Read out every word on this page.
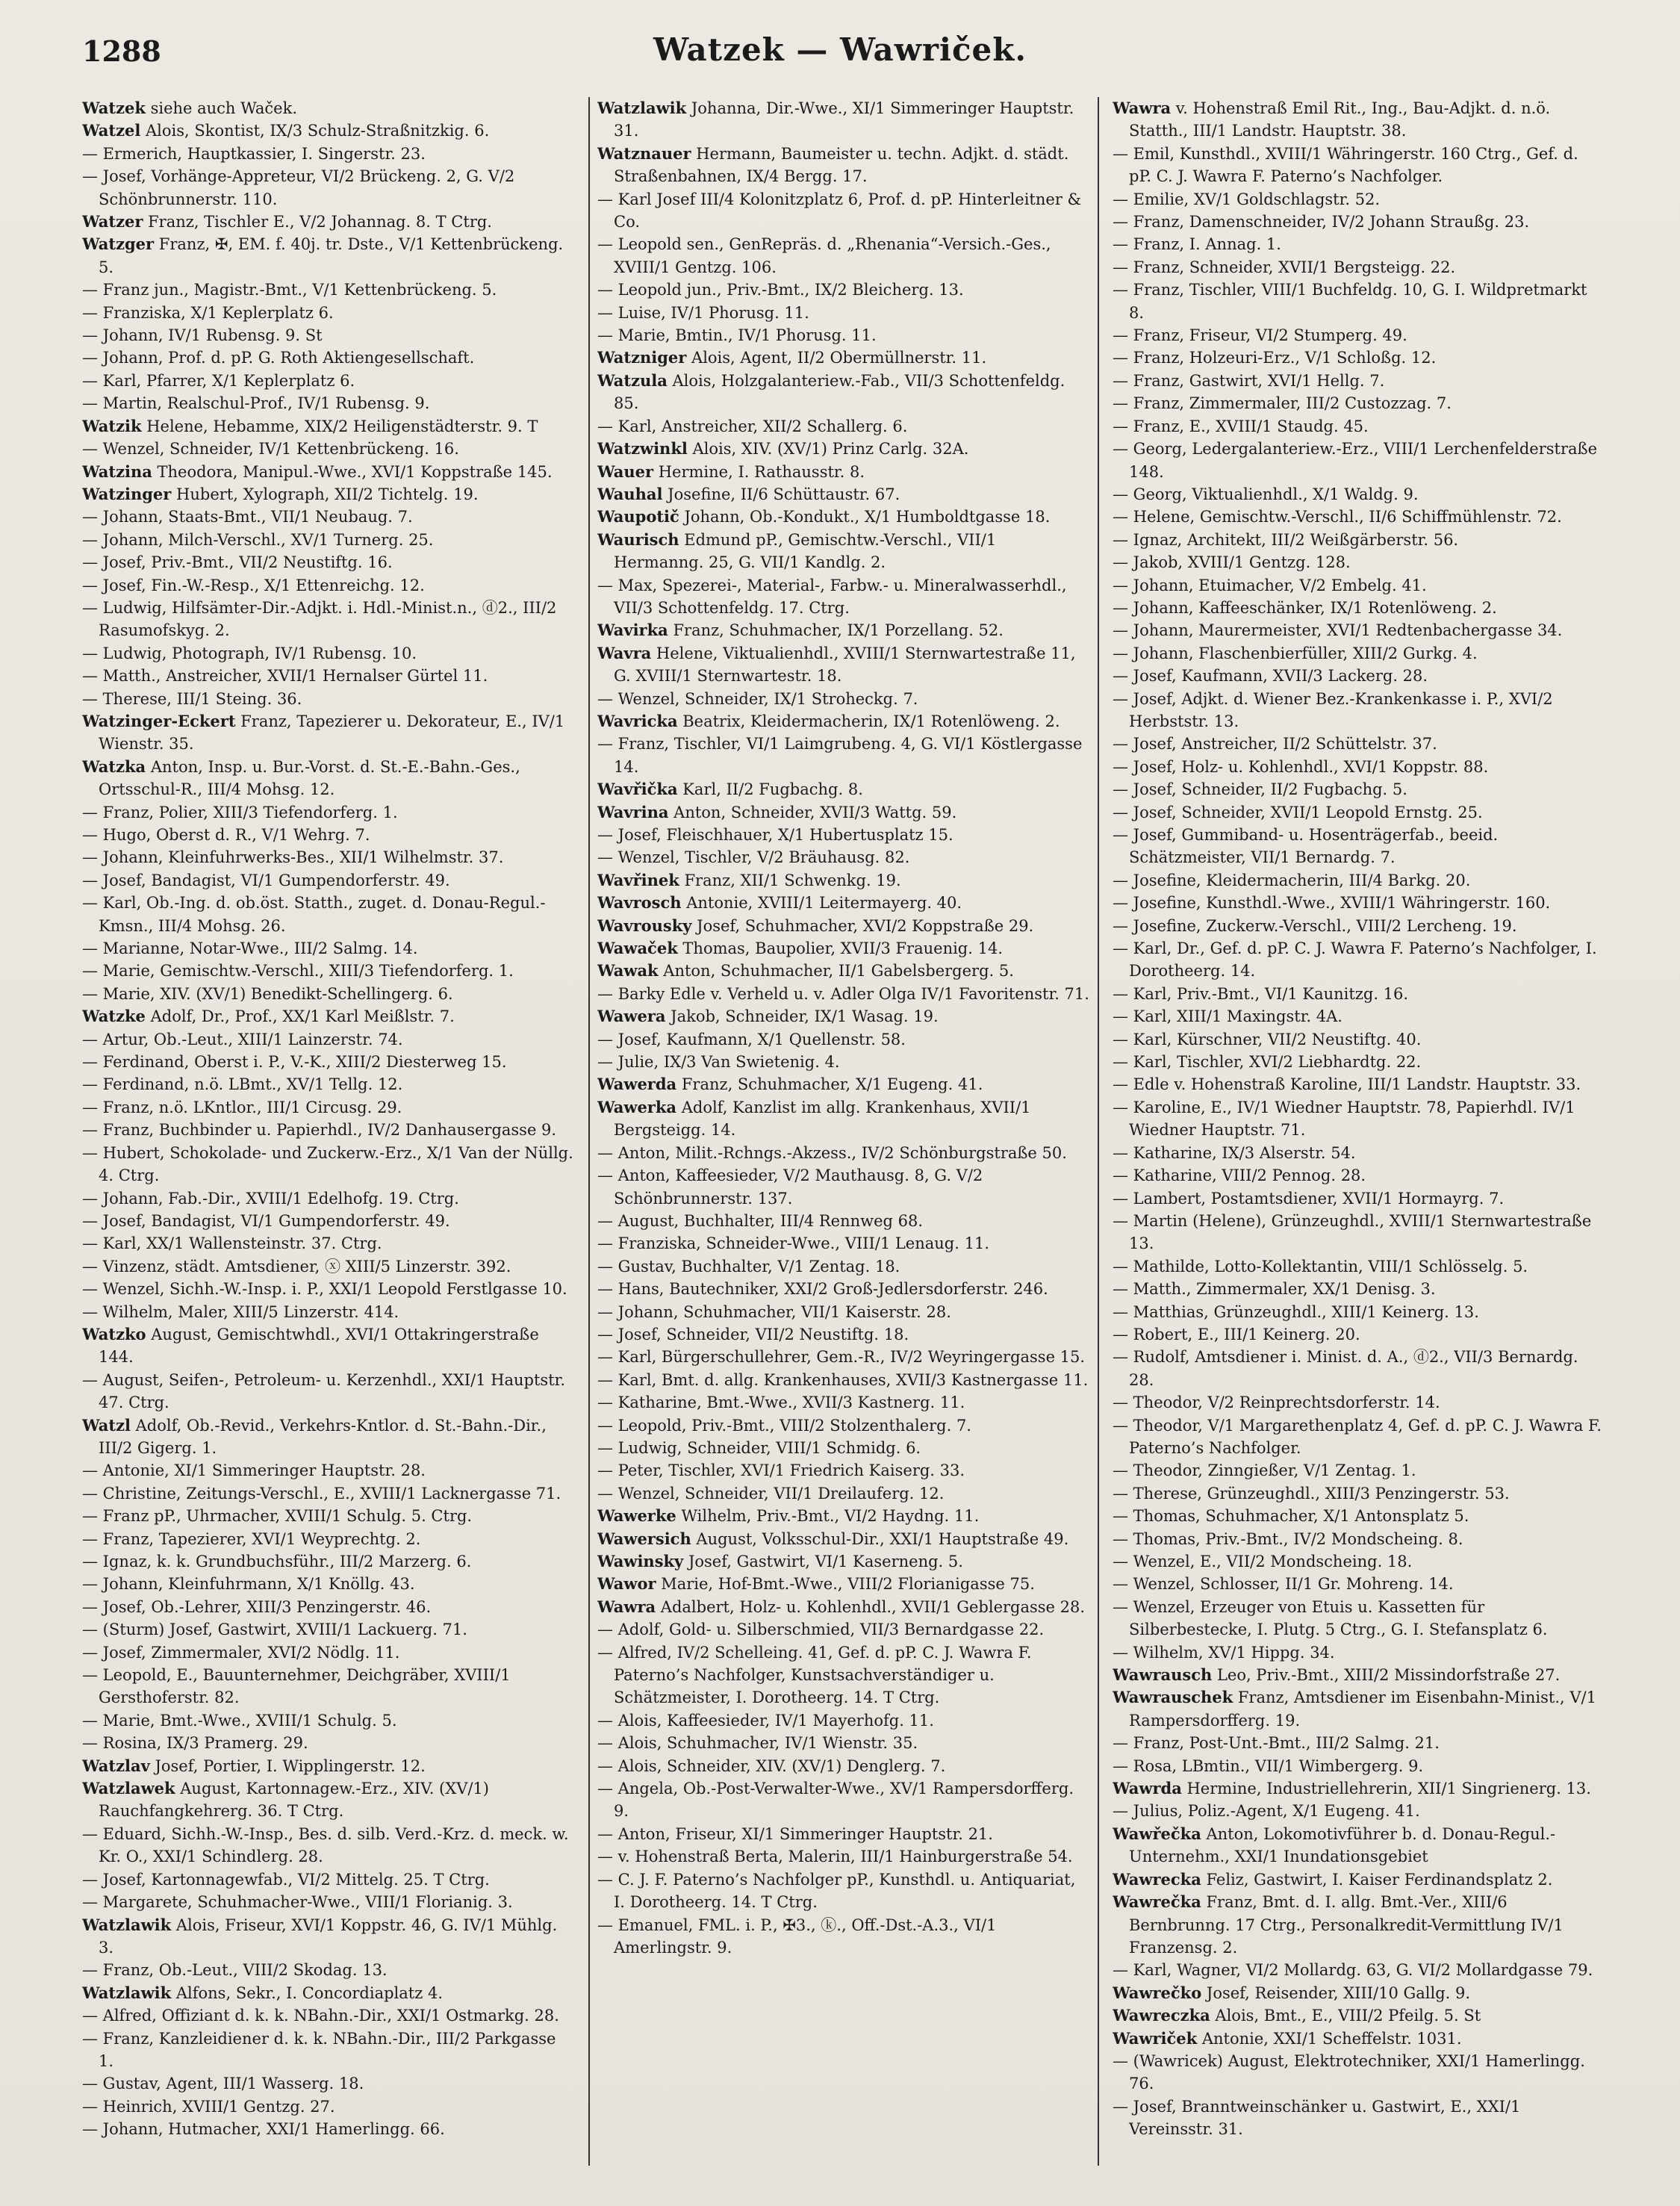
1288	Watzek — Wawriček.

Watzek siehe auch Waček.

Watzel Alois, Skontist, IX/3 Schulz-Straßnitzkig. 6.

— Ermerich, Hauptkassier, I. Singerstr. 23.

— Josef, Vorhänge-Appreteur, VI/2 Brückeng. 2, G. V/2 Schönbrunnerstr. 110.

Watzer Franz, Tischler E., V/2 Johannag. 8. T Ctrg.

Watzger Franz, ✠, EM. f. 40j. tr. Dste., V/1 Kettenbrückeng. 5.

— Franz jun., Magistr.-Bmt., V/1 Kettenbrückeng. 5.

— Franziska, X/1 Keplerplatz 6.

— Johann, IV/1 Rubensg. 9. St

— Johann, Prof. d. pP. G. Roth Aktiengesellschaft.

— Karl, Pfarrer, X/1 Keplerplatz 6.

— Martin, Realschul-Prof., IV/1 Rubensg. 9.

Watzik Helene, Hebamme, XIX/2 Heiligenstädterstr. 9. T

— Wenzel, Schneider, IV/1 Kettenbrückeng. 16.

Watzina Theodora, Manipul.-Wwe., XVI/1 Koppstraße 145.

Watzinger Hubert, Xylograph, XII/2 Tichtelg. 19.

— Johann, Staats-Bmt., VII/1 Neubaug. 7.

— Johann, Milch-Verschl., XV/1 Turnerg. 25.

— Josef, Priv.-Bmt., VII/2 Neustiftg. 16.

— Josef, Fin.-W.-Resp., X/1 Ettenreichg. 12.

— Ludwig, Hilfsämter-Dir.-Adjkt. i. Hdl.-Minist.n., ⓓ2., III/2 Rasumofskyg. 2.

— Ludwig, Photograph, IV/1 Rubensg. 10.

— Matth., Anstreicher, XVII/1 Hernalser Gürtel 11.

— Therese, III/1 Steing. 36.

Watzinger-Eckert Franz, Tapezierer u. Dekorateur, E., IV/1 Wienstr. 35.

Watzka Anton, Insp. u. Bur.-Vorst. d. St.-E.-Bahn.-Ges., Ortsschul-R., III/4 Mohsg. 12.

— Franz, Polier, XIII/3 Tiefendorferg. 1.

— Hugo, Oberst d. R., V/1 Wehrg. 7.

— Johann, Kleinfuhrwerks-Bes., XII/1 Wilhelmstr. 37.

— Josef, Bandagist, VI/1 Gumpendorferstr. 49.

— Karl, Ob.-Ing. d. ob.öst. Statth., zuget. d. Donau-Regul.-Kmsn., III/4 Mohsg. 26.

— Marianne, Notar-Wwe., III/2 Salmg. 14.

— Marie, Gemischtw.-Verschl., XIII/3 Tiefendorferg. 1.

— Marie, XIV. (XV/1) Benedikt-Schellingerg. 6.

Watzke Adolf, Dr., Prof., XX/1 Karl Meißlstr. 7.

— Artur, Ob.-Leut., XIII/1 Lainzerstr. 74.

— Ferdinand, Oberst i. P., V.-K., XIII/2 Diesterweg 15.

— Ferdinand, n.ö. LBmt., XV/1 Tellg. 12.

— Franz, n.ö. LKntlor., III/1 Circusg. 29.

— Franz, Buchbinder u. Papierhdl., IV/2 Danhausergasse 9.

— Hubert, Schokolade- und Zuckerw.-Erz., X/1 Van der Nüllg. 4. Ctrg.

— Johann, Fab.-Dir., XVIII/1 Edelhofg. 19. Ctrg.

— Josef, Bandagist, VI/1 Gumpendorferstr. 49.

— Karl, XX/1 Wallensteinstr. 37. Ctrg.

— Vinzenz, städt. Amtsdiener, ⓧ XIII/5 Linzerstr. 392.

— Wenzel, Sichh.-W.-Insp. i. P., XXI/1 Leopold Ferstlgasse 10.

— Wilhelm, Maler, XIII/5 Linzerstr. 414.

Watzko August, Gemischtwhdl., XVI/1 Ottakringerstraße 144.

— August, Seifen-, Petroleum- u. Kerzenhdl., XXI/1 Hauptstr. 47. Ctrg.

Watzl Adolf, Ob.-Revid., Verkehrs-Kntlor. d. St.-Bahn.-Dir., III/2 Gigerg. 1.

— Antonie, XI/1 Simmeringer Hauptstr. 28.

— Christine, Zeitungs-Verschl., E., XVIII/1 Lacknergasse 71.

— Franz pP., Uhrmacher, XVIII/1 Schulg. 5. Ctrg.

— Franz, Tapezierer, XVI/1 Weyprechtg. 2.

— Ignaz, k. k. Grundbuchsführ., III/2 Marzerg. 6.

— Johann, Kleinfuhrmann, X/1 Knöllg. 43.

— Josef, Ob.-Lehrer, XIII/3 Penzingerstr. 46.

— (Sturm) Josef, Gastwirt, XVIII/1 Lackuerg. 71.

— Josef, Zimmermaler, XVI/2 Nödlg. 11.

— Leopold, E., Bauunternehmer, Deichgräber, XVIII/1 Gersthoferstr. 82.

— Marie, Bmt.-Wwe., XVIII/1 Schulg. 5.

— Rosina, IX/3 Pramerg. 29.

Watzlav Josef, Portier, I. Wipplingerstr. 12.

Watzlawek August, Kartonnagew.-Erz., XIV. (XV/1) Rauchfangkehrerg. 36. T Ctrg.

— Eduard, Sichh.-W.-Insp., Bes. d. silb. Verd.-Krz. d. meck. w. Kr. O., XXI/1 Schindlerg. 28.

— Josef, Kartonnagewfab., VI/2 Mittelg. 25. T Ctrg.

— Margarete, Schuhmacher-Wwe., VIII/1 Florianig. 3.

Watzlawik Alois, Friseur, XVI/1 Koppstr. 46, G. IV/1 Mühlg. 3.

— Franz, Ob.-Leut., VIII/2 Skodag. 13.

Watzlawik Alfons, Sekr., I. Concordiaplatz 4.

— Alfred, Offiziant d. k. k. NBahn.-Dir., XXI/1 Ostmarkg. 28.

— Franz, Kanzleidiener d. k. k. NBahn.-Dir., III/2 Parkgasse 1.

— Gustav, Agent, III/1 Wasserg. 18.

— Heinrich, XVIII/1 Gentzg. 27.

— Johann, Hutmacher, XXI/1 Hamerlingg. 66.

Watzlawik Johanna, Dir.-Wwe., XI/1 Simmeringer Hauptstr. 31.

Watznauer Hermann, Baumeister u. techn. Adjkt. d. städt. Straßenbahnen, IX/4 Bergg. 17.

— Karl Josef III/4 Kolonitzplatz 6, Prof. d. pP. Hinterleitner & Co.

— Leopold sen., GenRepräs. d. „Rhenania“-Versich.-Ges., XVIII/1 Gentzg. 106.

— Leopold jun., Priv.-Bmt., IX/2 Bleicherg. 13.

— Luise, IV/1 Phorusg. 11.

— Marie, Bmtin., IV/1 Phorusg. 11.

Watzniger Alois, Agent, II/2 Obermüllnerstr. 11.

Watzula Alois, Holzgalanteriew.-Fab., VII/3 Schottenfeldg. 85.

— Karl, Anstreicher, XII/2 Schallerg. 6.

Watzwinkl Alois, XIV. (XV/1) Prinz Carlg. 32A.

Wauer Hermine, I. Rathausstr. 8.

Wauhal Josefine, II/6 Schüttaustr. 67.

Waupotič Johann, Ob.-Kondukt., X/1 Humboldtgasse 18.

Waurisch Edmund pP., Gemischtw.-Verschl., VII/1 Hermanng. 25, G. VII/1 Kandlg. 2.

— Max, Spezerei-, Material-, Farbw.- u. Mineralwasserhdl., VII/3 Schottenfeldg. 17. Ctrg.

Wavirka Franz, Schuhmacher, IX/1 Porzellang. 52.

Wavra Helene, Viktualienhdl., XVIII/1 Sternwartestraße 11, G. XVIII/1 Sternwartestr. 18.

— Wenzel, Schneider, IX/1 Stroheckg. 7.

Wavricka Beatrix, Kleidermacherin, IX/1 Rotenlöweng. 2.

— Franz, Tischler, VI/1 Laimgrubeng. 4, G. VI/1 Köstlergasse 14.

Wavřička Karl, II/2 Fugbachg. 8.

Wavrina Anton, Schneider, XVII/3 Wattg. 59.

— Josef, Fleischhauer, X/1 Hubertusplatz 15.

— Wenzel, Tischler, V/2 Bräuhausg. 82.

Wavřinek Franz, XII/1 Schwenkg. 19.

Wavrosch Antonie, XVIII/1 Leitermayerg. 40.

Wavrousky Josef, Schuhmacher, XVI/2 Koppstraße 29.

Wawaček Thomas, Baupolier, XVII/3 Frauenig. 14.

Wawak Anton, Schuhmacher, II/1 Gabelsbergerg. 5.

— Barky Edle v. Verheld u. v. Adler Olga IV/1 Favoritenstr. 71.

Wawera Jakob, Schneider, IX/1 Wasag. 19.

— Josef, Kaufmann, X/1 Quellenstr. 58.

— Julie, IX/3 Van Swietenig. 4.

Wawerda Franz, Schuhmacher, X/1 Eugeng. 41.

Wawerka Adolf, Kanzlist im allg. Krankenhaus, XVII/1 Bergsteigg. 14.

— Anton, Milit.-Rchngs.-Akzess., IV/2 Schönburgstraße 50.

— Anton, Kaffeesieder, V/2 Mauthausg. 8, G. V/2 Schönbrunnerstr. 137.

— August, Buchhalter, III/4 Rennweg 68.

— Franziska, Schneider-Wwe., VIII/1 Lenaug. 11.

— Gustav, Buchhalter, V/1 Zentag. 18.

— Hans, Bautechniker, XXI/2 Groß-Jedlersdorferstr. 246.

— Johann, Schuhmacher, VII/1 Kaiserstr. 28.

— Josef, Schneider, VII/2 Neustiftg. 18.

— Karl, Bürgerschullehrer, Gem.-R., IV/2 Weyringergasse 15.

— Karl, Bmt. d. allg. Krankenhauses, XVII/3 Kastnergasse 11.

— Katharine, Bmt.-Wwe., XVII/3 Kastnerg. 11.

— Leopold, Priv.-Bmt., VIII/2 Stolzenthalerg. 7.

— Ludwig, Schneider, VIII/1 Schmidg. 6.

— Peter, Tischler, XVI/1 Friedrich Kaiserg. 33.

— Wenzel, Schneider, VII/1 Dreilauferg. 12.

Wawerke Wilhelm, Priv.-Bmt., VI/2 Haydng. 11.

Wawersich August, Volksschul-Dir., XXI/1 Hauptstraße 49.

Wawinsky Josef, Gastwirt, VI/1 Kaserneng. 5.

Wawor Marie, Hof-Bmt.-Wwe., VIII/2 Florianigasse 75.

Wawra Adalbert, Holz- u. Kohlenhdl., XVII/1 Geblergasse 28.

— Adolf, Gold- u. Silberschmied, VII/3 Bernardgasse 22.

— Alfred, IV/2 Schelleing. 41, Gef. d. pP. C. J. Wawra F. Paterno’s Nachfolger, Kunstsachverständiger u. Schätzmeister, I. Dorotheerg. 14. T Ctrg.

— Alois, Kaffeesieder, IV/1 Mayerhofg. 11.

— Alois, Schuhmacher, IV/1 Wienstr. 35.

— Alois, Schneider, XIV. (XV/1) Denglerg. 7.

— Angela, Ob.-Post-Verwalter-Wwe., XV/1 Rampersdorfferg. 9.

— Anton, Friseur, XI/1 Simmeringer Hauptstr. 21.

— v. Hohenstraß Berta, Malerin, III/1 Hainburgerstraße 54.

— C. J. F. Paterno’s Nachfolger pP., Kunsthdl. u. Antiquariat, I. Dorotheerg. 14. T Ctrg.

— Emanuel, FML. i. P., ✠3., ⓚ., Off.-Dst.-A.3., VI/1 Amerlingstr. 9.

Wawra v. Hohenstraß Emil Rit., Ing., Bau-Adjkt. d. n.ö. Statth., III/1 Landstr. Hauptstr. 38.

— Emil, Kunsthdl., XVIII/1 Währingerstr. 160 Ctrg., Gef. d. pP. C. J. Wawra F. Paterno’s Nachfolger.

— Emilie, XV/1 Goldschlagstr. 52.

— Franz, Damenschneider, IV/2 Johann Straußg. 23.

— Franz, I. Annag. 1.

— Franz, Schneider, XVII/1 Bergsteigg. 22.

— Franz, Tischler, VIII/1 Buchfeldg. 10, G. I. Wildpretmarkt 8.

— Franz, Friseur, VI/2 Stumperg. 49.

— Franz, Holzeuri-Erz., V/1 Schloßg. 12.

— Franz, Gastwirt, XVI/1 Hellg. 7.

— Franz, Zimmermaler, III/2 Custozzag. 7.

— Franz, E., XVIII/1 Staudg. 45.

— Georg, Ledergalanteriew.-Erz., VIII/1 Lerchenfelderstraße 148.

— Georg, Viktualienhdl., X/1 Waldg. 9.

— Helene, Gemischtw.-Verschl., II/6 Schiffmühlenstr. 72.

— Ignaz, Architekt, III/2 Weißgärberstr. 56.

— Jakob, XVIII/1 Gentzg. 128.

— Johann, Etuimacher, V/2 Embelg. 41.

— Johann, Kaffeeschänker, IX/1 Rotenlöweng. 2.

— Johann, Maurermeister, XVI/1 Redtenbachergasse 34.

— Johann, Flaschenbierfüller, XIII/2 Gurkg. 4.

— Josef, Kaufmann, XVII/3 Lackerg. 28.

— Josef, Adjkt. d. Wiener Bez.-Krankenkasse i. P., XVI/2 Herbststr. 13.

— Josef, Anstreicher, II/2 Schüttelstr. 37.

— Josef, Holz- u. Kohlenhdl., XVI/1 Koppstr. 88.

— Josef, Schneider, II/2 Fugbachg. 5.

— Josef, Schneider, XVII/1 Leopold Ernstg. 25.

— Josef, Gummiband- u. Hosenträgerfab., beeid. Schätzmeister, VII/1 Bernardg. 7.

— Josefine, Kleidermacherin, III/4 Barkg. 20.

— Josefine, Kunsthdl.-Wwe., XVIII/1 Währingerstr. 160.

— Josefine, Zuckerw.-Verschl., VIII/2 Lercheng. 19.

— Karl, Dr., Gef. d. pP. C. J. Wawra F. Paterno’s Nachfolger, I. Dorotheerg. 14.

— Karl, Priv.-Bmt., VI/1 Kaunitzg. 16.

— Karl, XIII/1 Maxingstr. 4A.

— Karl, Kürschner, VII/2 Neustiftg. 40.

— Karl, Tischler, XVI/2 Liebhardtg. 22.

— Edle v. Hohenstraß Karoline, III/1 Landstr. Hauptstr. 33.

— Karoline, E., IV/1 Wiedner Hauptstr. 78, Papierhdl. IV/1 Wiedner Hauptstr. 71.

— Katharine, IX/3 Alserstr. 54.

— Katharine, VIII/2 Pennog. 28.

— Lambert, Postamtsdiener, XVII/1 Hormayrg. 7.

— Martin (Helene), Grünzeughdl., XVIII/1 Sternwartestraße 13.

— Mathilde, Lotto-Kollektantin, VIII/1 Schlösselg. 5.

— Matth., Zimmermaler, XX/1 Denisg. 3.

— Matthias, Grünzeughdl., XIII/1 Keinerg. 13.

— Robert, E., III/1 Keinerg. 20.

— Rudolf, Amtsdiener i. Minist. d. A., ⓓ2., VII/3 Bernardg. 28.

— Theodor, V/2 Reinprechtsdorferstr. 14.

— Theodor, V/1 Margarethenplatz 4, Gef. d. pP. C. J. Wawra F. Paterno’s Nachfolger.

— Theodor, Zinngießer, V/1 Zentag. 1.

— Therese, Grünzeughdl., XIII/3 Penzingerstr. 53.

— Thomas, Schuhmacher, X/1 Antonsplatz 5.

— Thomas, Priv.-Bmt., IV/2 Mondscheing. 8.

— Wenzel, E., VII/2 Mondscheing. 18.

— Wenzel, Schlosser, II/1 Gr. Mohreng. 14.

— Wenzel, Erzeuger von Etuis u. Kassetten für Silberbestecke, I. Plutg. 5 Ctrg., G. I. Stefansplatz 6.

— Wilhelm, XV/1 Hippg. 34.

Wawrausch Leo, Priv.-Bmt., XIII/2 Missindorfstraße 27.

Wawrauschek Franz, Amtsdiener im Eisenbahn-Minist., V/1 Rampersdorfferg. 19.

— Franz, Post-Unt.-Bmt., III/2 Salmg. 21.

— Rosa, LBmtin., VII/1 Wimbergerg. 9.

Wawrda Hermine, Industriellehrerin, XII/1 Singrienerg. 13.

— Julius, Poliz.-Agent, X/1 Eugeng. 41.

Wawřečka Anton, Lokomotivführer b. d. Donau-Regul.-Unternehm., XXI/1 Inundationsgebiet

Wawrecka Feliz, Gastwirt, I. Kaiser Ferdinandsplatz 2.

Wawrečka Franz, Bmt. d. I. allg. Bmt.-Ver., XIII/6 Bernbrunng. 17 Ctrg., Personalkredit-Vermittlung IV/1 Franzensg. 2.

— Karl, Wagner, VI/2 Mollardg. 63, G. VI/2 Mollardgasse 79.

Wawrečko Josef, Reisender, XIII/10 Gallg. 9.

Wawreczka Alois, Bmt., E., VIII/2 Pfeilg. 5. St

Wawriček Antonie, XXI/1 Scheffelstr. 1031.

— (Wawricek) August, Elektrotechniker, XXI/1 Hamerlingg. 76.

— Josef, Branntweinschänker u. Gastwirt, E., XXI/1 Vereinsstr. 31.
